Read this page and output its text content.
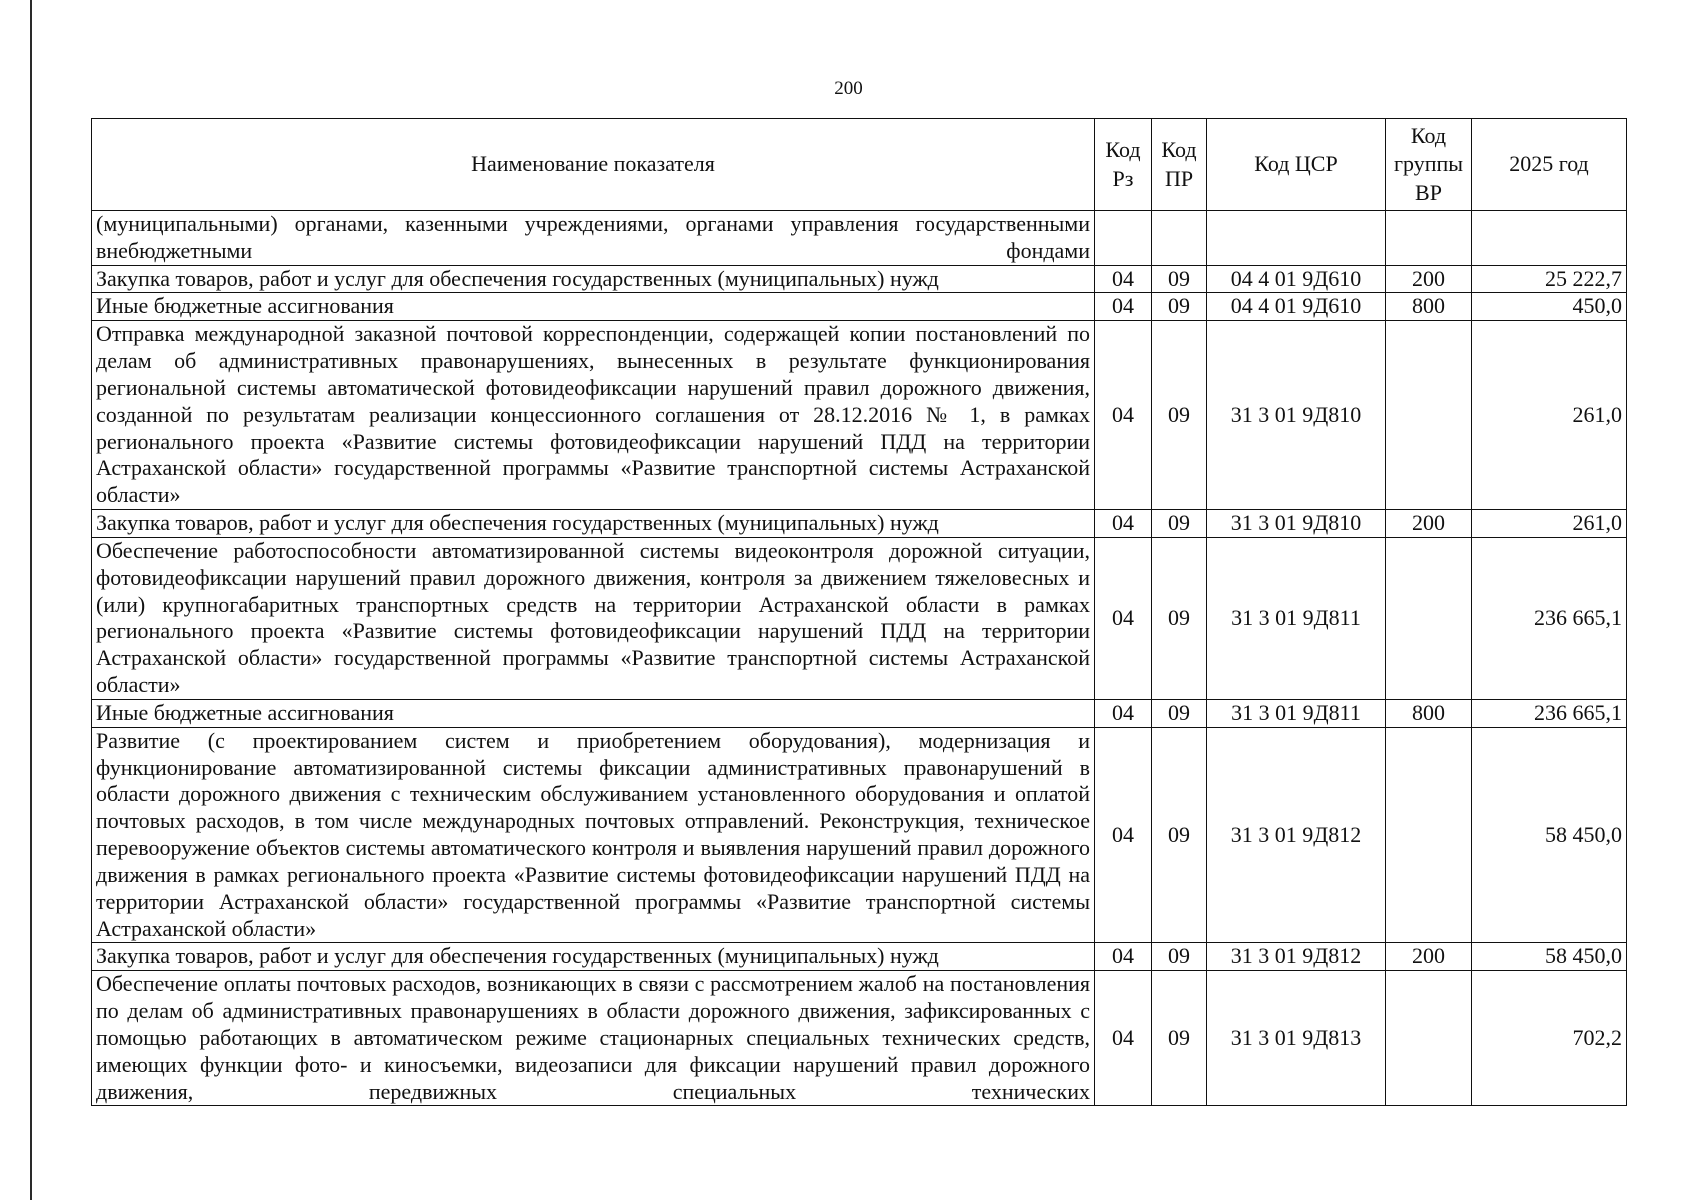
200
Наименование показателя	Код Рз	Код ПР	Код ЦСР	Код группы ВР	2025 год
(муниципальными) органами, казенными учреждениями, органами управления государственными внебюджетными фондами					
Закупка товаров, работ и услуг для обеспечения государственных (муниципальных) нужд	04	09	04 4 01 9Д610	200	25 222,7
Иные бюджетные ассигнования	04	09	04 4 01 9Д610	800	450,0
Отправка международной заказной почтовой корреспонденции, содержащей копии постановлений по делам об административных правонарушениях, вынесенных в результате функционирования региональной системы автоматической фотовидеофиксации нарушений правил дорожного движения, созданной по результатам реализации концессионного соглашения от 28.12.2016 № 1, в рамках регионального проекта «Развитие системы фотовидеофиксации нарушений ПДД на территории Астраханской области» государственной программы «Развитие транспортной системы Астраханской области»	04	09	31 3 01 9Д810		261,0
Закупка товаров, работ и услуг для обеспечения государственных (муниципальных) нужд	04	09	31 3 01 9Д810	200	261,0
Обеспечение работоспособности автоматизированной системы видеоконтроля дорожной ситуации, фотовидеофиксации нарушений правил дорожного движения, контроля за движением тяжеловесных и (или) крупногабаритных транспортных средств на территории Астраханской области в рамках регионального проекта «Развитие системы фотовидеофиксации нарушений ПДД на территории Астраханской области» государственной программы «Развитие транспортной системы Астраханской области»	04	09	31 3 01 9Д811		236 665,1
Иные бюджетные ассигнования	04	09	31 3 01 9Д811	800	236 665,1
Развитие (с проектированием систем и приобретением оборудования), модернизация и функционирование автоматизированной системы фиксации административных правонарушений в области дорожного движения с техническим обслуживанием установленного оборудования и оплатой почтовых расходов, в том числе международных почтовых отправлений. Реконструкция, техническое перевооружение объектов системы автоматического контроля и выявления нарушений правил дорожного движения в рамках регионального проекта «Развитие системы фотовидеофиксации нарушений ПДД на территории Астраханской области» государственной программы «Развитие транспортной системы Астраханской области»	04	09	31 3 01 9Д812		58 450,0
Закупка товаров, работ и услуг для обеспечения государственных (муниципальных) нужд	04	09	31 3 01 9Д812	200	58 450,0
Обеспечение оплаты почтовых расходов, возникающих в связи с рассмотрением жалоб на постановления по делам об административных правонарушениях в области дорожного движения, зафиксированных с помощью работающих в автоматическом режиме стационарных специальных технических средств, имеющих функции фото- и киносъемки, видеозаписи для фиксации нарушений правил дорожного движения, передвижных специальных технических	04	09	31 3 01 9Д813		702,2
